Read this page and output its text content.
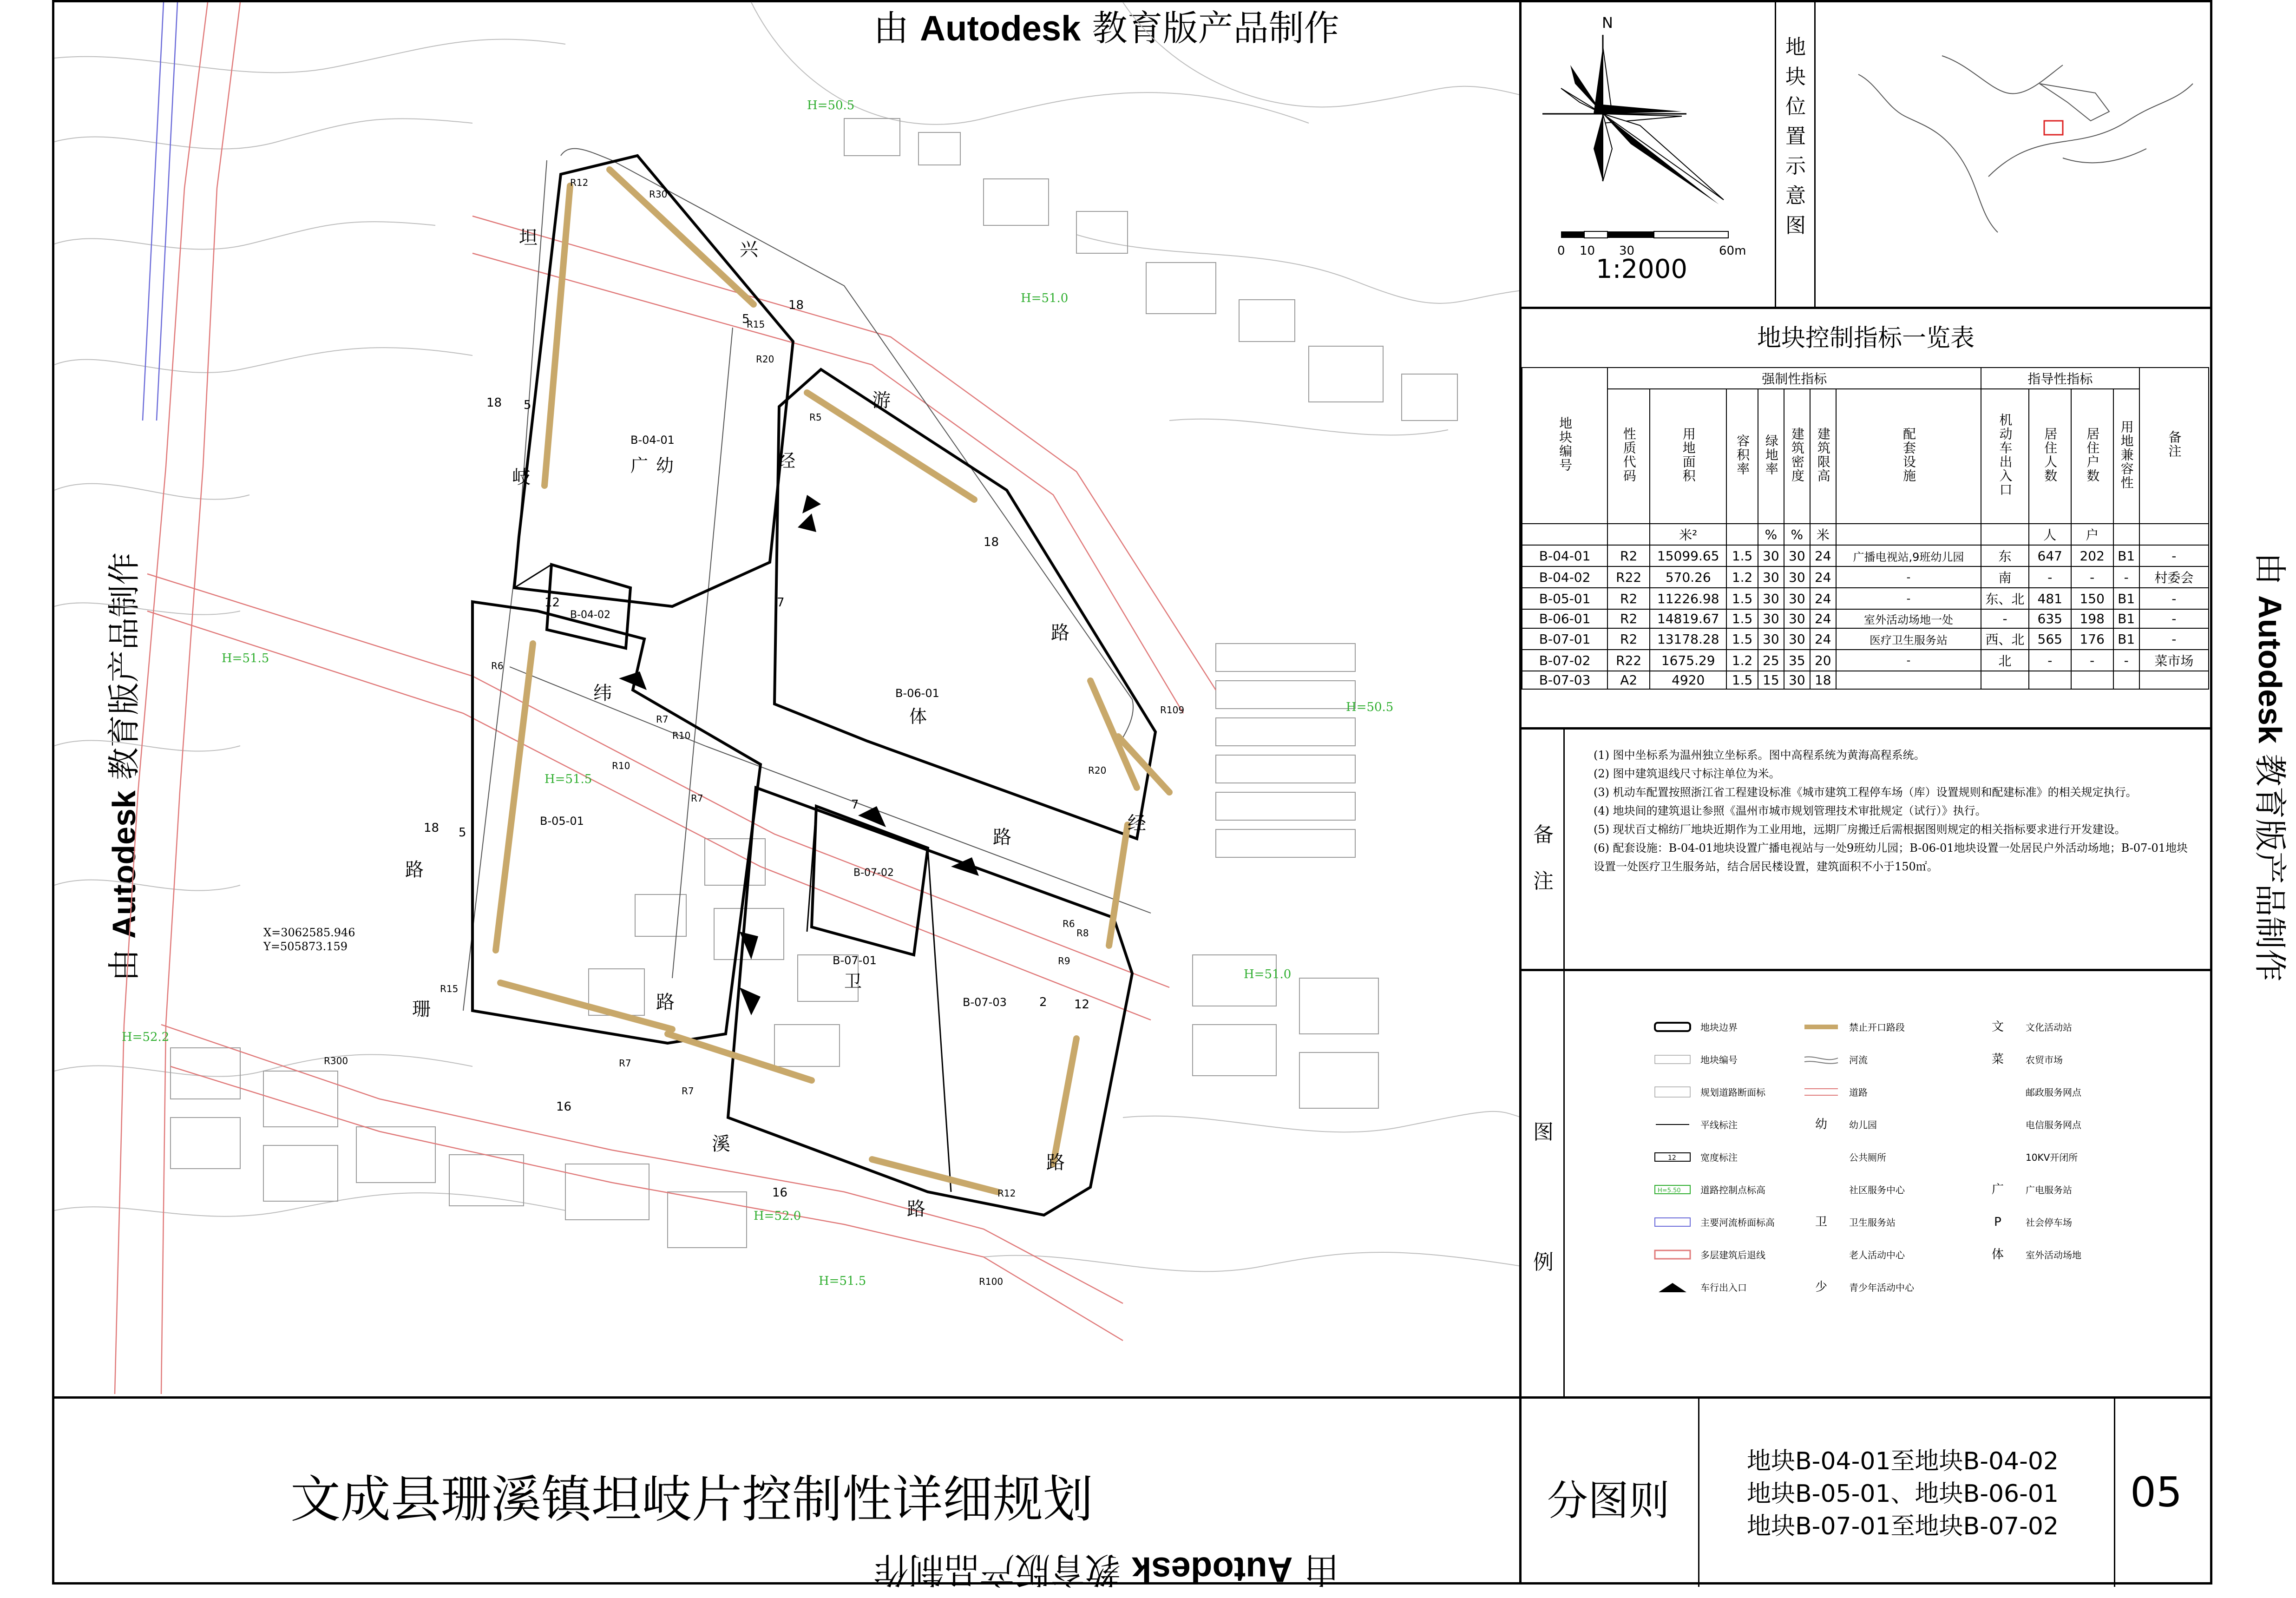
由 Autodesk 教育版产品制作
由 Autodesk 教育版产品制作
由 Autodesk 教育版产品制作	由 Autodesk 教育版产品制作
坦
岐
路
兴
游
路
经
纬
经
路
珊
溪
路
路
路
B-04-01
广 幼
B-04-02
B-05-01
B-06-01
体
B-07-01
卫
B-07-02
B-07-03
H=50.5
H=51.0
H=51.5
H=51.5
H=50.5
H=51.0
H=52.2
H=52.0
H=51.5
X=3062585.946
Y=505873.159
18
18
18
18
16
16
12
12
7
7
5
5
5
2
R12
R30
R20
R15
R5
R6
R7
R10
R10
R7
R109
R20
R6
R9
R15
R7
R7
R12
R300
R100
R8
N
0 10 30	60m
1:2000
地块位置示意图
地块控制指标一览表
地块编号	强制性指标							指导性指标				备注
	性质代码	用地面积	容积率	绿地率	建筑密度	建筑限高	配套设施	机动车出入口	居住人数	居住户数	用地兼容性	
		米²		%	%	米			人	户		
B-04-01	R2	15099.65	1.5	30	30	24	广播电视站,9班幼儿园	东	647	202	B1	-
B-04-02	R22	570.26	1.2	30	30	24	-	南	-	-	-	村委会
B-05-01	R2	11226.98	1.5	30	30	24	-	东、北	481	150	B1	-
B-06-01	R2	14819.67	1.5	30	30	24	室外活动场地一处	-	635	198	B1	-
B-07-01	R2	13178.28	1.5	30	30	24	医疗卫生服务站	西、北	565	176	B1	-
B-07-02	R22	1675.29	1.2	25	35	20	-	北	-	-	-	菜市场
B-07-03	A2	4920	1.5	15	30	18						
备
注
(1) 图中坐标系为温州独立坐标系。图中高程系统为黄海高程系统。
(2) 图中建筑退线尺寸标注单位为米。
(3) 机动车配置按照浙江省工程建设标准《城市建筑工程停车场（库）设置规则和配建标准》的相关规定执行。
(4) 地块间的建筑退让参照《温州市城市规划管理技术审批规定（试行）》执行。
(5) 现状百丈棉纺厂地块近期作为工业用地，远期厂房搬迁后需根据图则规定的相关指标要求进行开发建设。
(6) 配套设施：B-04-01地块设置广播电视站与一处9班幼儿园；B-06-01地块设置一处居民户外活动场地；B-07-01地块设置一处医疗卫生服务站，结合居民楼设置，建筑面积不小于150㎡。
图
例
地块边界
地块编号
规划道路断面标
平线标注
12	宽度标注
H=5.50 道路控制点标高
主要河流桥面标高
多层建筑后退线
车行出入口
禁止开口路段
河流
道路
幼	幼儿园
公共厕所
社区服务中心
卫	卫生服务站
老人活动中心
少	青少年活动中心
文	文化活动站
菜	农贸市场
邮政服务网点
电信服务网点
10KV开闭所
广	广电服务站
P	社会停车场
体	室外活动场地
文成县珊溪镇坦岐片控制性详细规划	分图则
地块B-04-01至地块B-04-02
地块B-05-01、地块B-06-01
地块B-07-01至地块B-07-02
05
